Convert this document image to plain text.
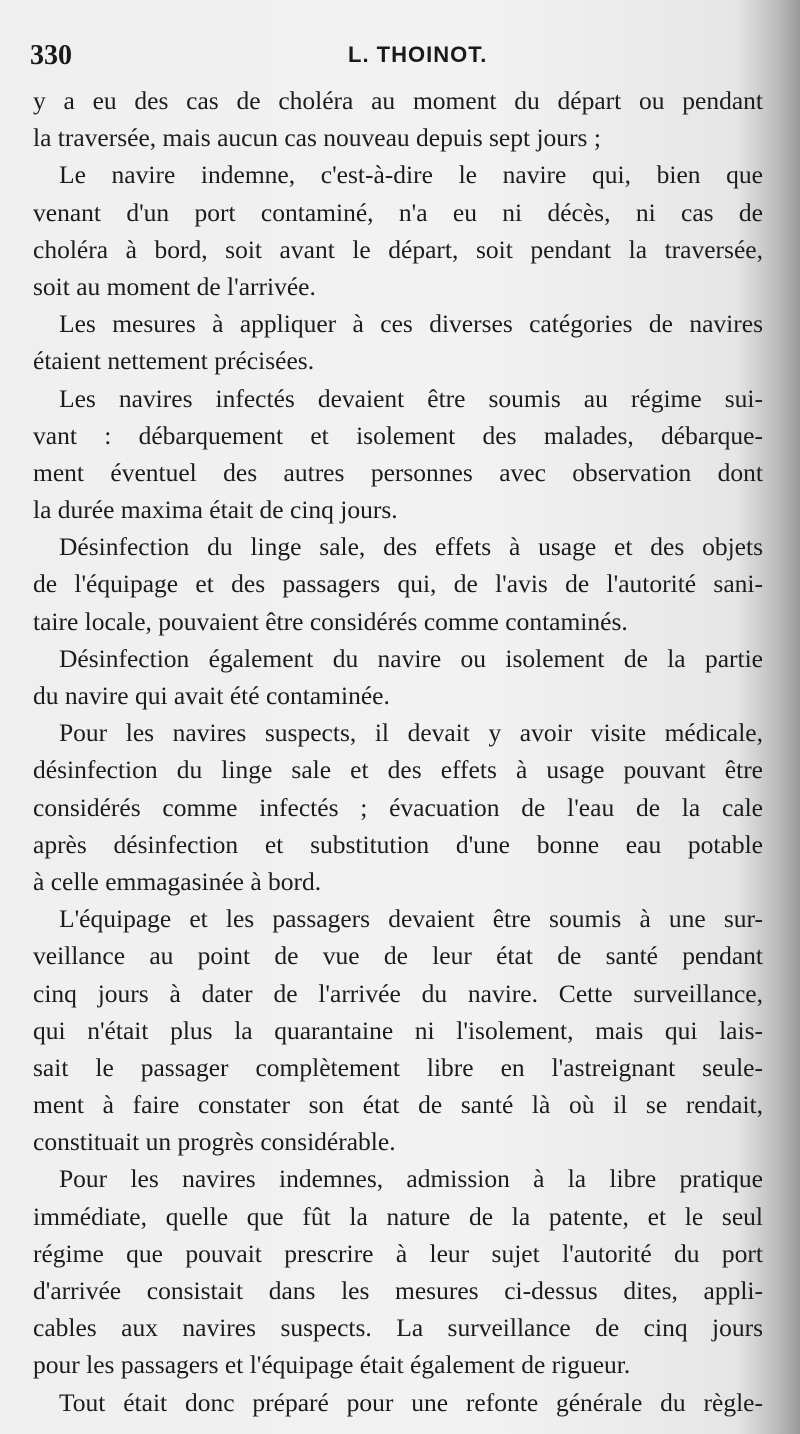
330	L. THOINOT.
y a eu des cas de choléra au moment du départ ou pendant
la traversée, mais aucun cas nouveau depuis sept jours ;
Le navire indemne, c'est-à-dire le navire qui, bien que
venant d'un port contaminé, n'a eu ni décès, ni cas de
choléra à bord, soit avant le départ, soit pendant la traversée,
soit au moment de l'arrivée.
Les mesures à appliquer à ces diverses catégories de navires
étaient nettement précisées.
Les navires infectés devaient être soumis au régime sui-
vant : débarquement et isolement des malades, débarque-
ment éventuel des autres personnes avec observation dont
la durée maxima était de cinq jours.
Désinfection du linge sale, des effets à usage et des objets
de l'équipage et des passagers qui, de l'avis de l'autorité sani-
taire locale, pouvaient être considérés comme contaminés.
Désinfection également du navire ou isolement de la partie
du navire qui avait été contaminée.
Pour les navires suspects, il devait y avoir visite médicale,
désinfection du linge sale et des effets à usage pouvant être
considérés comme infectés ; évacuation de l'eau de la cale
après désinfection et substitution d'une bonne eau potable
à celle emmagasinée à bord.
L'équipage et les passagers devaient être soumis à une sur-
veillance au point de vue de leur état de santé pendant
cinq jours à dater de l'arrivée du navire. Cette surveillance,
qui n'était plus la quarantaine ni l'isolement, mais qui lais-
sait le passager complètement libre en l'astreignant seule-
ment à faire constater son état de santé là où il se rendait,
constituait un progrès considérable.
Pour les navires indemnes, admission à la libre pratique
immédiate, quelle que fût la nature de la patente, et le seul
régime que pouvait prescrire à leur sujet l'autorité du port
d'arrivée consistait dans les mesures ci-dessus dites, appli-
cables aux navires suspects. La surveillance de cinq jours
pour les passagers et l'équipage était également de rigueur.
Tout était donc préparé pour une refonte générale du règle-
